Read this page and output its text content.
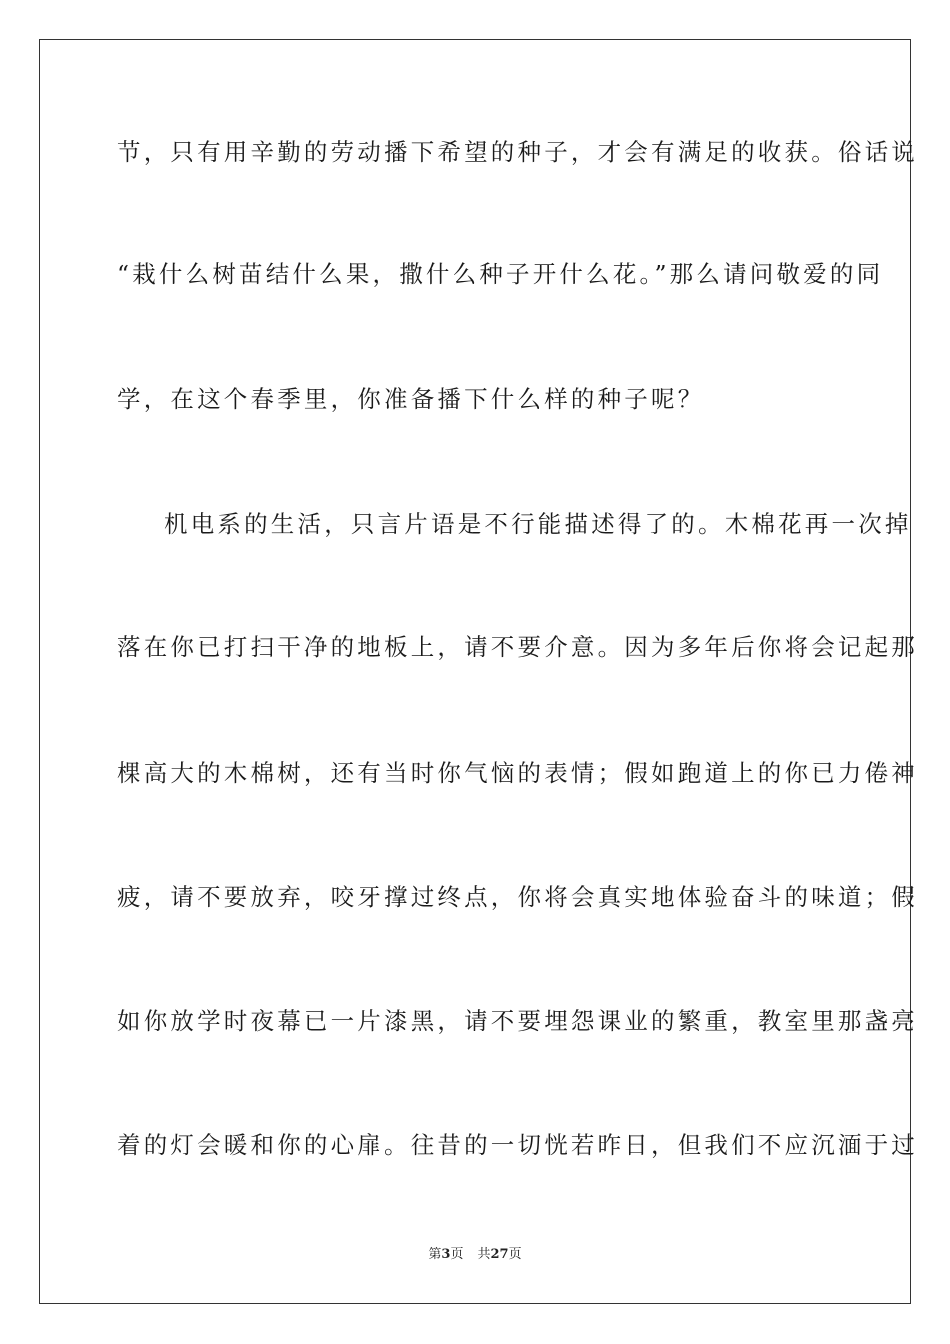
节，只有用辛勤的劳动播下希望的种子，才会有满足的收获。俗话说
“栽什么树苗结什么果，撒什么种子开什么花。”那么请问敬爱的同
学，在这个春季里，你准备播下什么样的种子呢？
机电系的生活，只言片语是不行能描述得了的。木棉花再一次掉
落在你已打扫干净的地板上，请不要介意。因为多年后你将会记起那
棵高大的木棉树，还有当时你气恼的表情；假如跑道上的你已力倦神
疲，请不要放弃，咬牙撑过终点，你将会真实地体验奋斗的味道；假
如你放学时夜幕已一片漆黑，请不要埋怨课业的繁重，教室里那盏亮
着的灯会暖和你的心扉。往昔的一切恍若昨日，但我们不应沉湎于过
第3页 共27页
